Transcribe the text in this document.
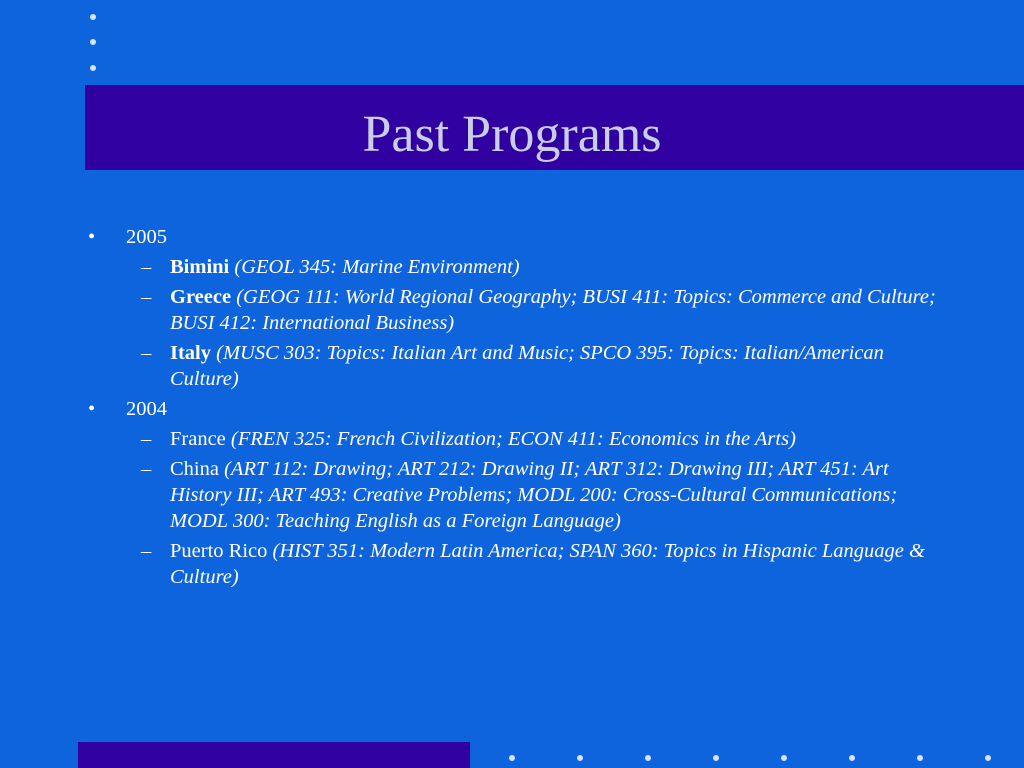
Past Programs
• 2005
– Bimini (GEOL 345: Marine Environment)
– Greece (GEOG 111: World Regional Geography; BUSI 411: Topics: Commerce and Culture; BUSI 412: International Business)
– Italy (MUSC 303: Topics: Italian Art and Music; SPCO 395: Topics: Italian/American Culture)
• 2004
– France (FREN 325: French Civilization; ECON 411: Economics in the Arts)
– China (ART 112: Drawing; ART 212: Drawing II; ART 312: Drawing III; ART 451: Art History III; ART 493: Creative Problems; MODL 200: Cross-Cultural Communications; MODL 300: Teaching English as a Foreign Language)
– Puerto Rico (HIST 351: Modern Latin America; SPAN 360: Topics in Hispanic Language & Culture)
